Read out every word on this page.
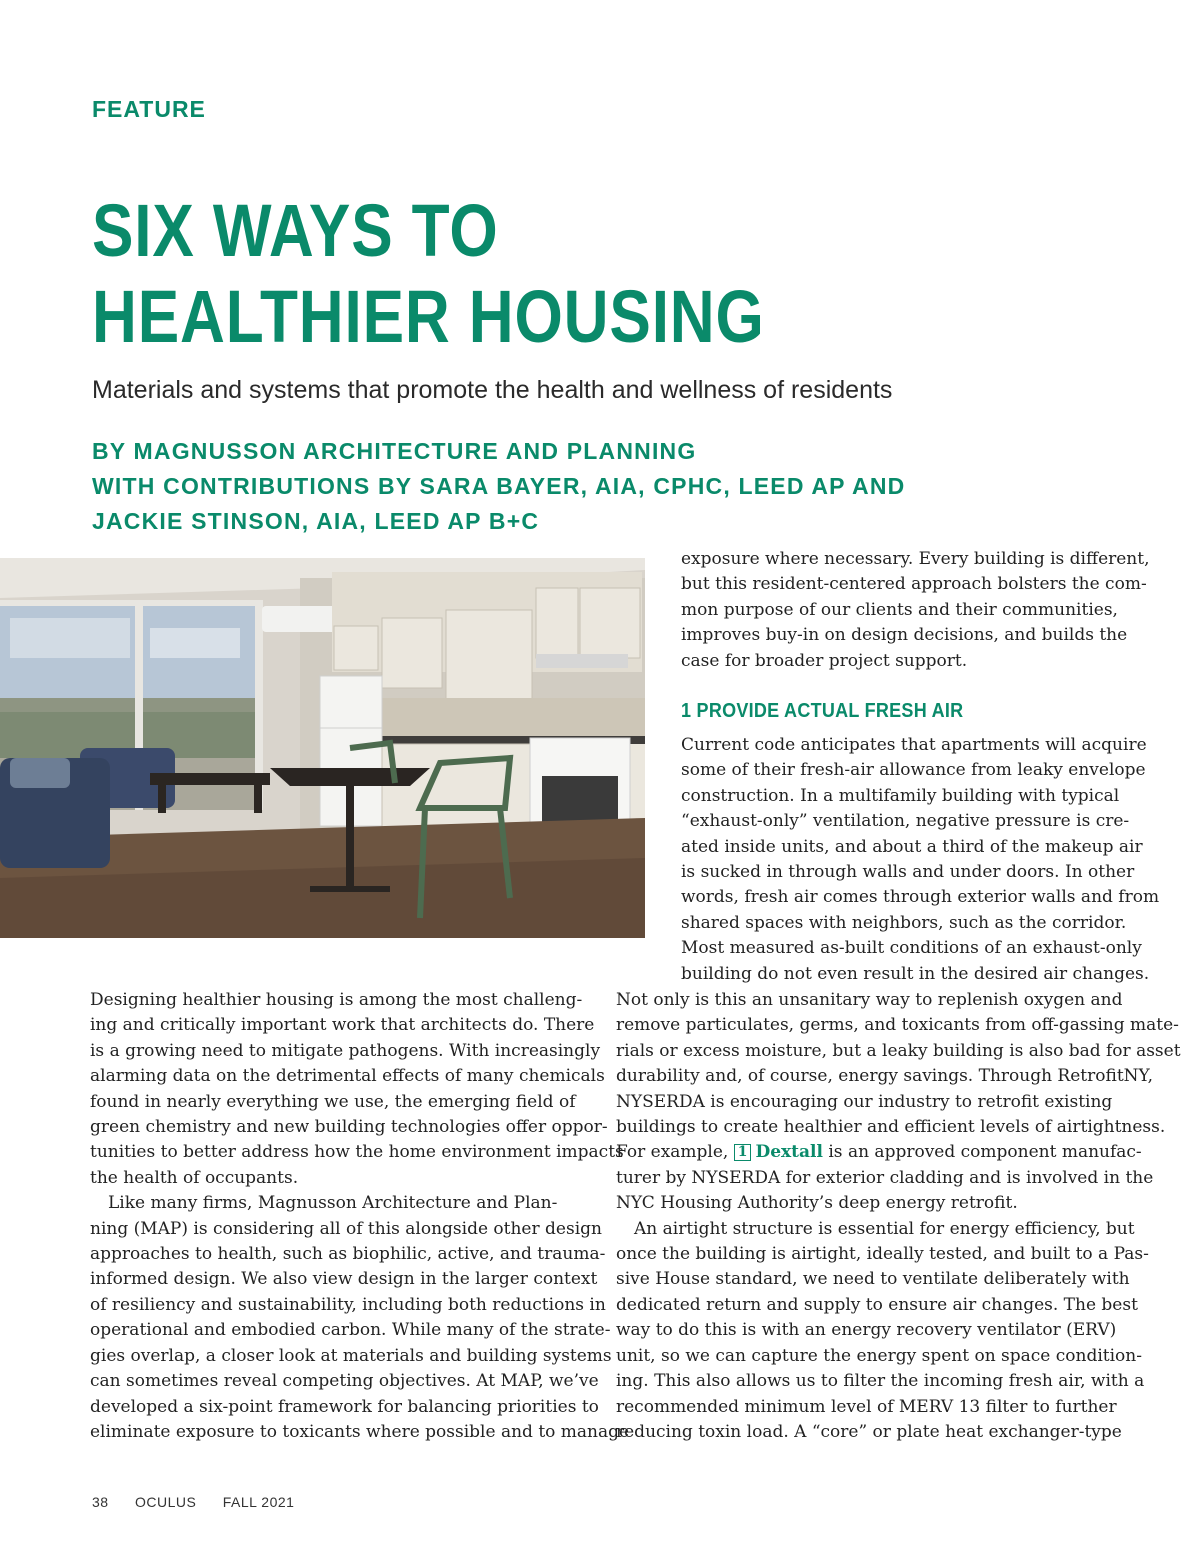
FEATURE
SIX WAYS TO
HEALTHIER HOUSING
Materials and systems that promote the health and wellness of residents
BY MAGNUSSON ARCHITECTURE AND PLANNING
WITH CONTRIBUTIONS BY SARA BAYER, AIA, CPHC, LEED AP AND
JACKIE STINSON, AIA, LEED AP B+C

exposure where necessary. Every building is different,
but this resident-centered approach bolsters the com-
mon purpose of our clients and their communities,
improves buy-in on design decisions, and builds the
case for broader project support.

1 PROVIDE ACTUAL FRESH AIR

Current code anticipates that apartments will acquire
some of their fresh-air allowance from leaky envelope
construction. In a multifamily building with typical
“exhaust-only” ventilation, negative pressure is cre-
ated inside units, and about a third of the makeup air
is sucked in through walls and under doors. In other
words, fresh air comes through exterior walls and from
shared spaces with neighbors, such as the corridor.
Most measured as-built conditions of an exhaust-only
building do not even result in the desired air changes.

Designing healthier housing is among the most challeng-
ing and critically important work that architects do. There
is a growing need to mitigate pathogens. With increasingly
alarming data on the detrimental effects of many chemicals
found in nearly everything we use, the emerging field of
green chemistry and new building technologies offer oppor-
tunities to better address how the home environment impacts
the health of occupants.

Like many firms, Magnusson Architecture and Plan-
ning (MAP) is considering all of this alongside other design
approaches to health, such as biophilic, active, and trauma-
informed design. We also view design in the larger context
of resiliency and sustainability, including both reductions in
operational and embodied carbon. While many of the strate-
gies overlap, a closer look at materials and building systems
can sometimes reveal competing objectives. At MAP, we’ve
developed a six-point framework for balancing priorities to
eliminate exposure to toxicants where possible and to manage

Not only is this an unsanitary way to replenish oxygen and
remove particulates, germs, and toxicants from off-gassing mate-
rials or excess moisture, but a leaky building is also bad for asset
durability and, of course, energy savings. Through RetrofitNY,
NYSERDA is encouraging our industry to retrofit existing
buildings to create healthier and efficient levels of airtightness.
For example, 1 Dextall is an approved component manufac-
turer by NYSERDA for exterior cladding and is involved in the
NYC Housing Authority’s deep energy retrofit.

An airtight structure is essential for energy efficiency, but
once the building is airtight, ideally tested, and built to a Pas-
sive House standard, we need to ventilate deliberately with
dedicated return and supply to ensure air changes. The best
way to do this is with an energy recovery ventilator (ERV)
unit, so we can capture the energy spent on space condition-
ing. This also allows us to filter the incoming fresh air, with a
recommended minimum level of MERV 13 filter to further
reducing toxin load. A “core” or plate heat exchanger-type

38 OCULUS FALL 2021
